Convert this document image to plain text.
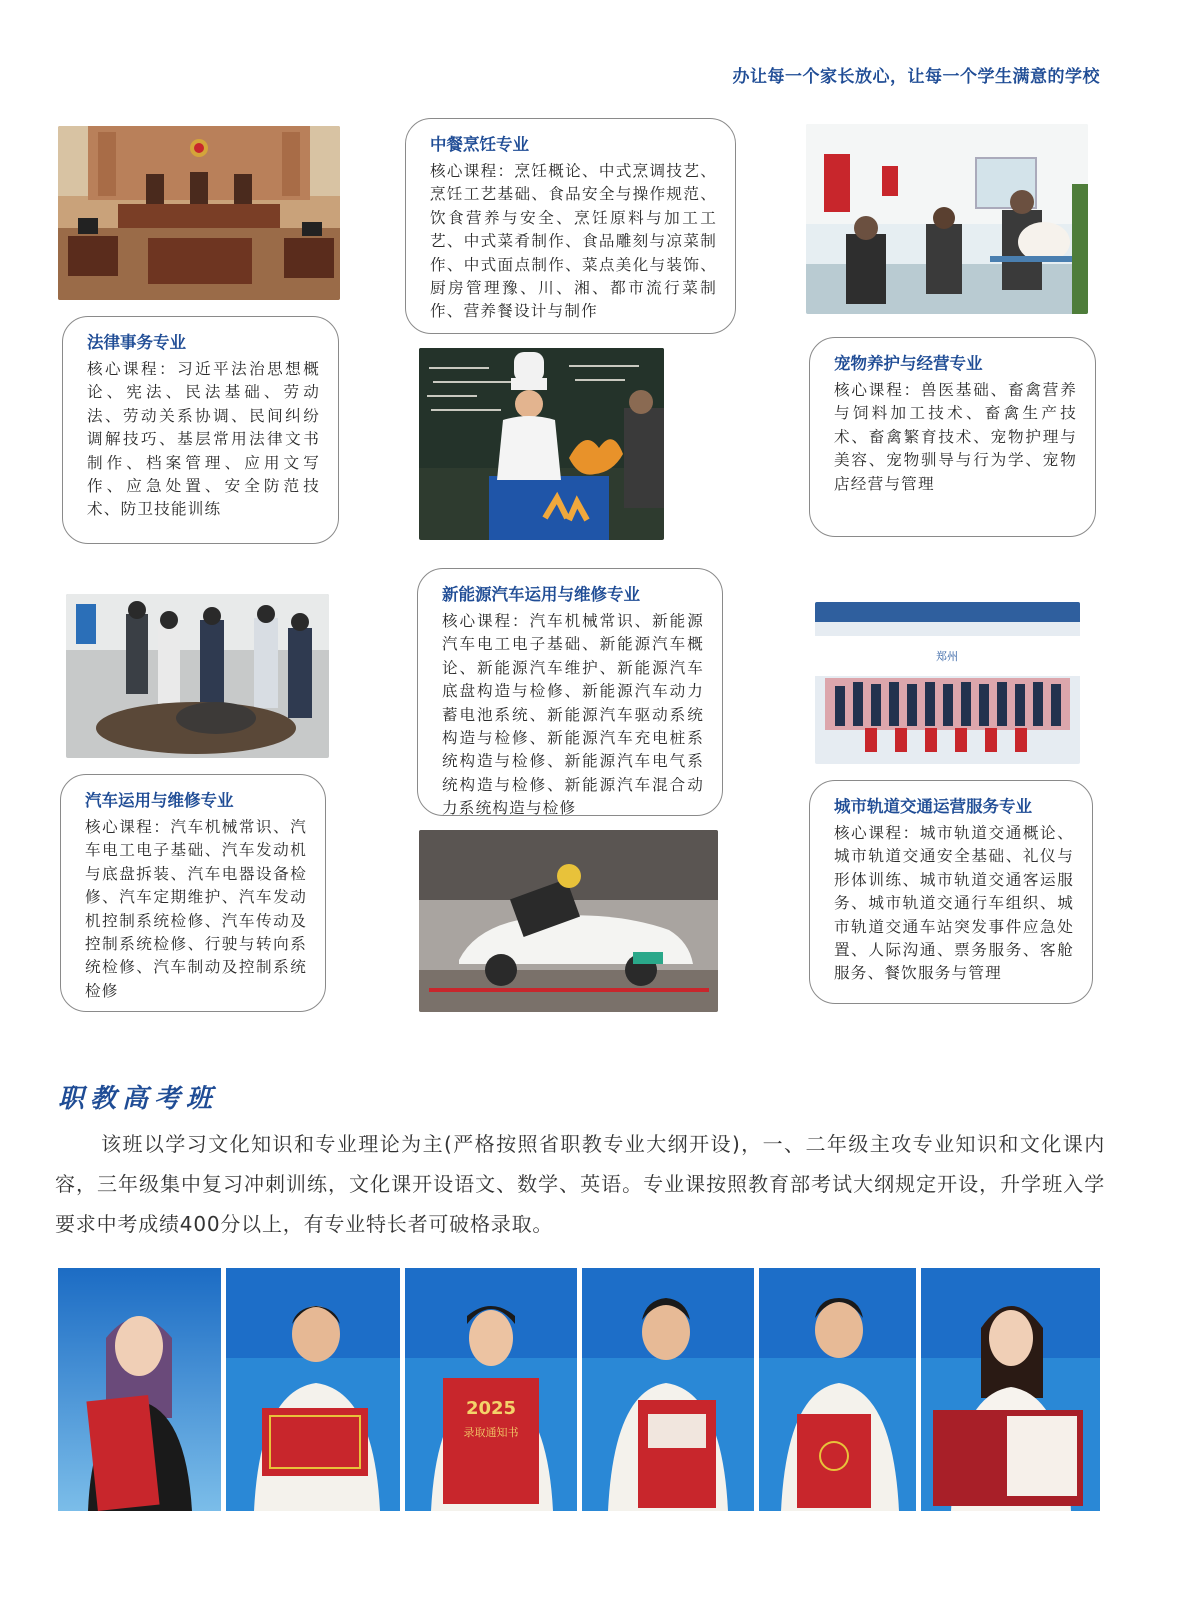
办让每一个家长放心，让每一个学生满意的学校
法律事务专业
核心课程：习近平法治思想概论、宪法、民法基础、劳动法、劳动关系协调、民间纠纷调解技巧、基层常用法律文书制作、档案管理、应用文写作、应急处置、安全防范技术、防卫技能训练
中餐烹饪专业
核心课程：烹饪概论、中式烹调技艺、烹饪工艺基础、食品安全与操作规范、饮食营养与安全、烹饪原料与加工工艺、中式菜肴制作、食品雕刻与凉菜制作、中式面点制作、菜点美化与装饰、厨房管理豫、川、湘、都市流行菜制作、营养餐设计与制作
宠物养护与经营专业
核心课程：兽医基础、畜禽营养与饲料加工技术、畜禽生产技术、畜禽繁育技术、宠物护理与美容、宠物驯导与行为学、宠物店经营与管理
汽车运用与维修专业
核心课程：汽车机械常识、汽车电工电子基础、汽车发动机与底盘拆装、汽车电器设备检修、汽车定期维护、汽车发动机控制系统检修、汽车传动及控制系统检修、行驶与转向系统检修、汽车制动及控制系统检修
新能源汽车运用与维修专业
核心课程：汽车机械常识、新能源汽车电工电子基础、新能源汽车概论、新能源汽车维护、新能源汽车底盘构造与检修、新能源汽车动力蓄电池系统、新能源汽车驱动系统构造与检修、新能源汽车充电桩系统构造与检修、新能源汽车电气系统构造与检修、新能源汽车混合动力系统构造与检修
郑州
城市轨道交通运营服务专业
核心课程：城市轨道交通概论、城市轨道交通安全基础、礼仪与形体训练、城市轨道交通客运服务、城市轨道交通行车组织、城市轨道交通车站突发事件应急处置、人际沟通、票务服务、客舱服务、餐饮服务与管理
职教高考班
该班以学习文化知识和专业理论为主(严格按照省职教专业大纲开设)，一、二年级主攻专业知识和文化课内容，三年级集中复习冲刺训练，文化课开设语文、数学、英语。专业课按照教育部考试大纲规定开设，升学班入学要求中考成绩400分以上，有专业特长者可破格录取。
2025
录取通知书
